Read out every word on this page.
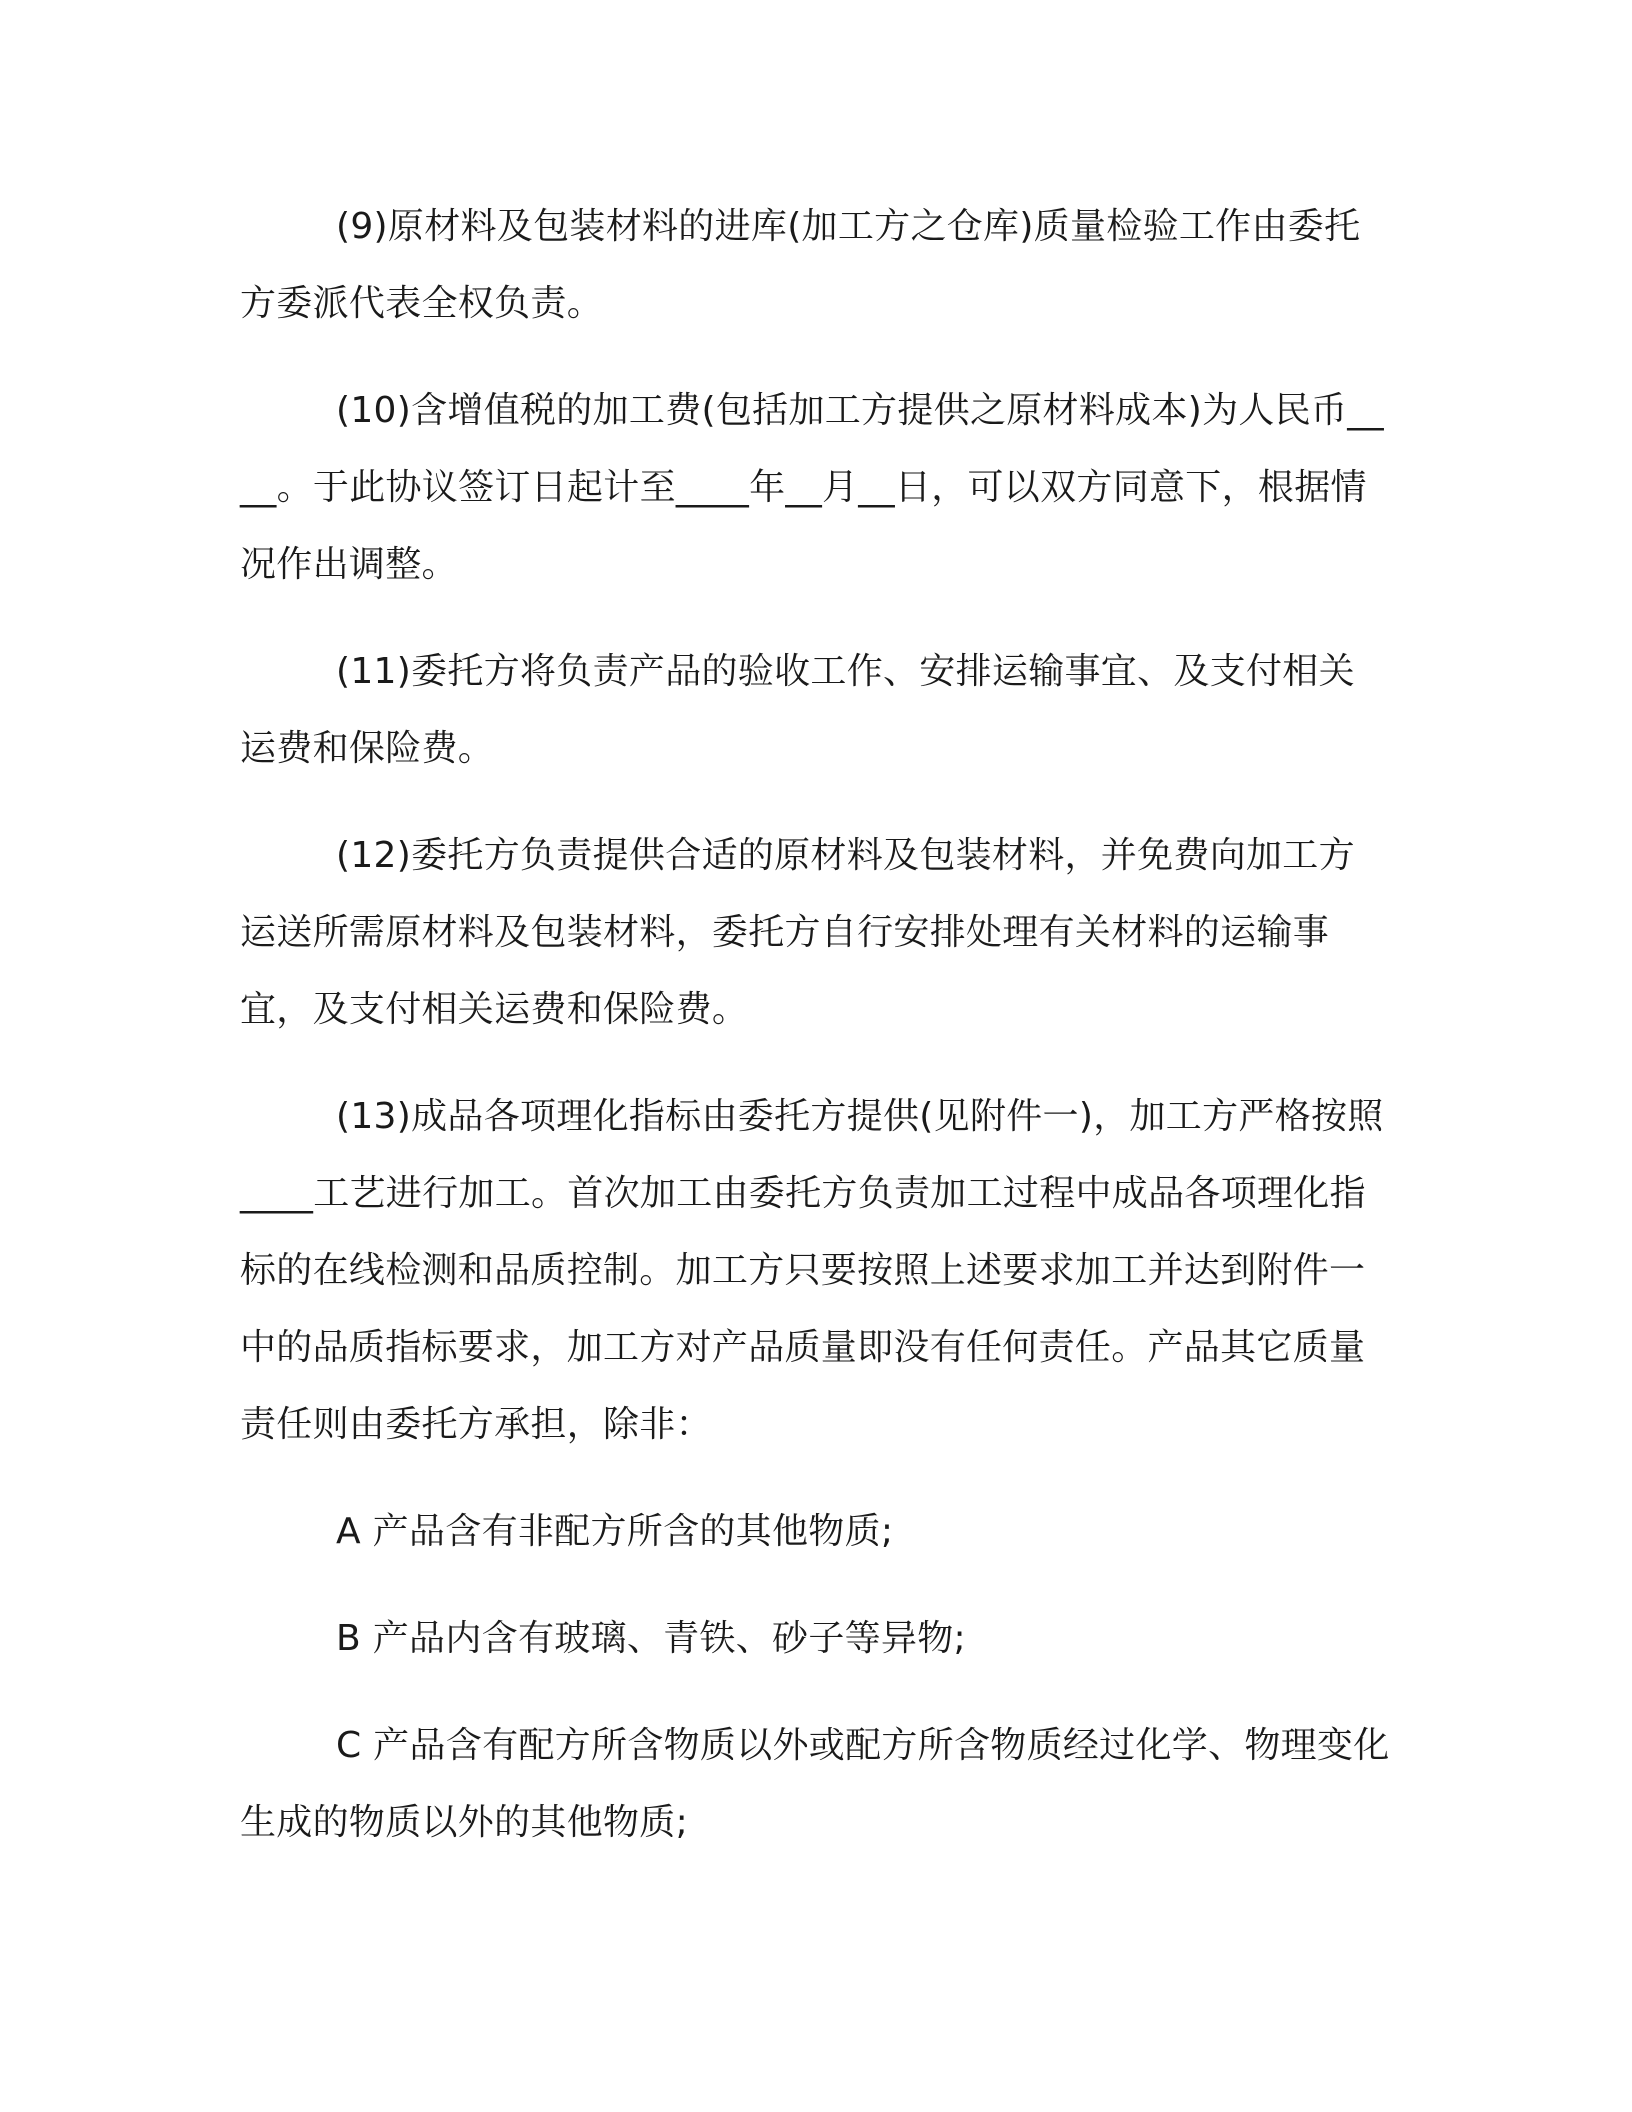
(9)原材料及包装材料的进库(加工方之仓库)质量检验工作由委托方委派代表全权负责。

(10)含增值税的加工费(包括加工方提供之原材料成本)为人民币____。于此协议签订日起计至____年__月__日，可以双方同意下，根据情况作出调整。

(11)委托方将负责产品的验收工作、安排运输事宜、及支付相关运费和保险费。

(12)委托方负责提供合适的原材料及包装材料，并免费向加工方运送所需原材料及包装材料，委托方自行安排处理有关材料的运输事宜，及支付相关运费和保险费。

(13)成品各项理化指标由委托方提供(见附件一)，加工方严格按照____工艺进行加工。首次加工由委托方负责加工过程中成品各项理化指标的在线检测和品质控制。加工方只要按照上述要求加工并达到附件一中的品质指标要求，加工方对产品质量即没有任何责任。产品其它质量责任则由委托方承担，除非：

A 产品含有非配方所含的其他物质;

B 产品内含有玻璃、青铁、砂子等异物;

C 产品含有配方所含物质以外或配方所含物质经过化学、物理变化生成的物质以外的其他物质;
